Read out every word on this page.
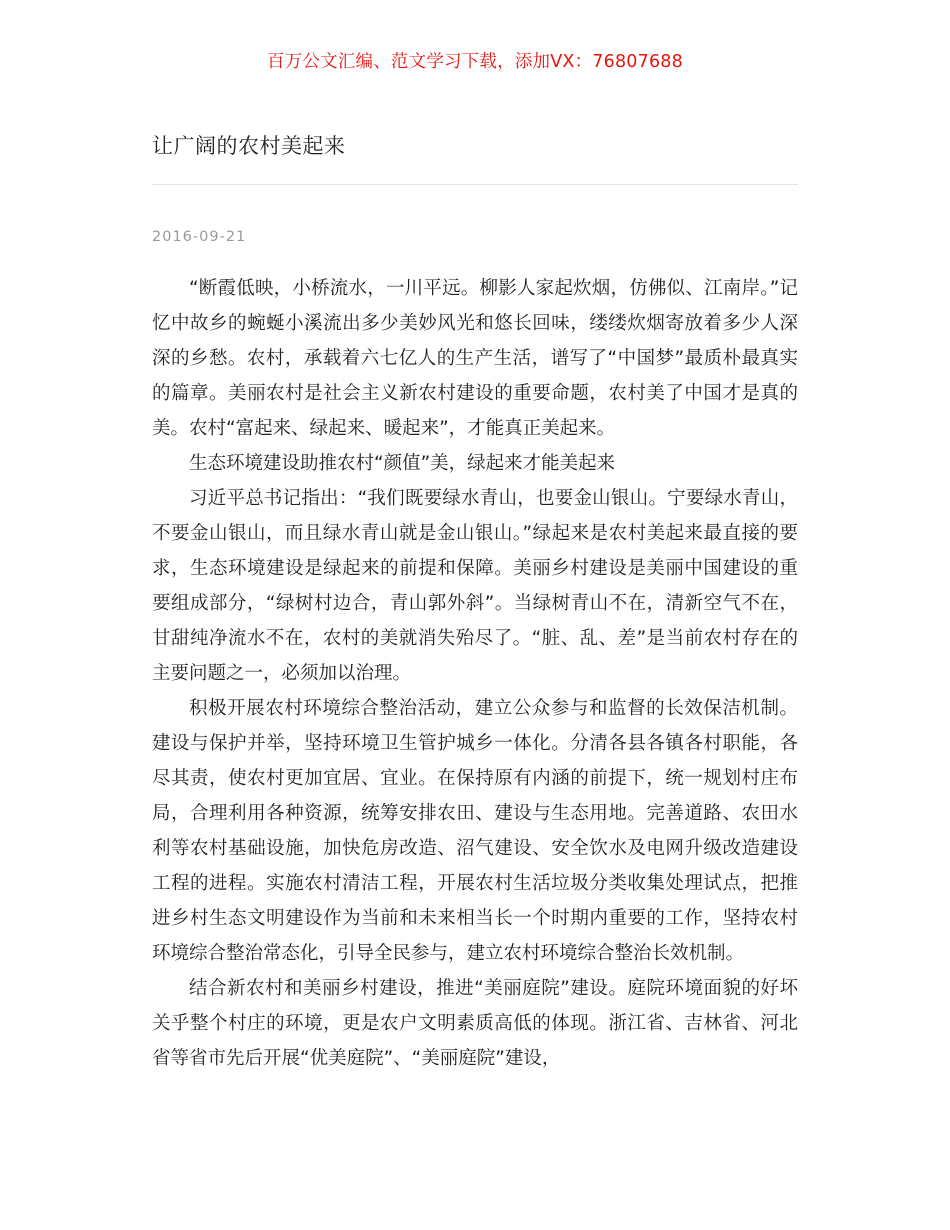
百万公文汇编、范文学习下载，添加VX：76807688
让广阔的农村美起来
2016-09-21

“断霞低映，小桥流水，一川平远。柳影人家起炊烟，仿佛似、江南岸。”记忆中故乡的蜿蜒小溪流出多少美妙风光和悠长回味，缕缕炊烟寄放着多少人深深的乡愁。农村，承载着六七亿人的生产生活，谱写了“中国梦”最质朴最真实的篇章。美丽农村是社会主义新农村建设的重要命题，农村美了中国才是真的美。农村“富起来、绿起来、暖起来”，才能真正美起来。

生态环境建设助推农村“颜值”美，绿起来才能美起来

习近平总书记指出：“我们既要绿水青山，也要金山银山。宁要绿水青山，不要金山银山，而且绿水青山就是金山银山。”绿起来是农村美起来最直接的要求，生态环境建设是绿起来的前提和保障。美丽乡村建设是美丽中国建设的重要组成部分，“绿树村边合，青山郭外斜”。当绿树青山不在，清新空气不在，甘甜纯净流水不在，农村的美就消失殆尽了。“脏、乱、差”是当前农村存在的主要问题之一，必须加以治理。

积极开展农村环境综合整治活动，建立公众参与和监督的长效保洁机制。建设与保护并举，坚持环境卫生管护城乡一体化。分清各县各镇各村职能，各尽其责，使农村更加宜居、宜业。在保持原有内涵的前提下，统一规划村庄布局，合理利用各种资源，统筹安排农田、建设与生态用地。完善道路、农田水利等农村基础设施，加快危房改造、沼气建设、安全饮水及电网升级改造建设工程的进程。实施农村清洁工程，开展农村生活垃圾分类收集处理试点，把推进乡村生态文明建设作为当前和未来相当长一个时期内重要的工作，坚持农村环境综合整治常态化，引导全民参与，建立农村环境综合整治长效机制。

结合新农村和美丽乡村建设，推进“美丽庭院”建设。庭院环境面貌的好坏关乎整个村庄的环境，更是农户文明素质高低的体现。浙江省、吉林省、河北省等省市先后开展“优美庭院”、“美丽庭院”建设，
